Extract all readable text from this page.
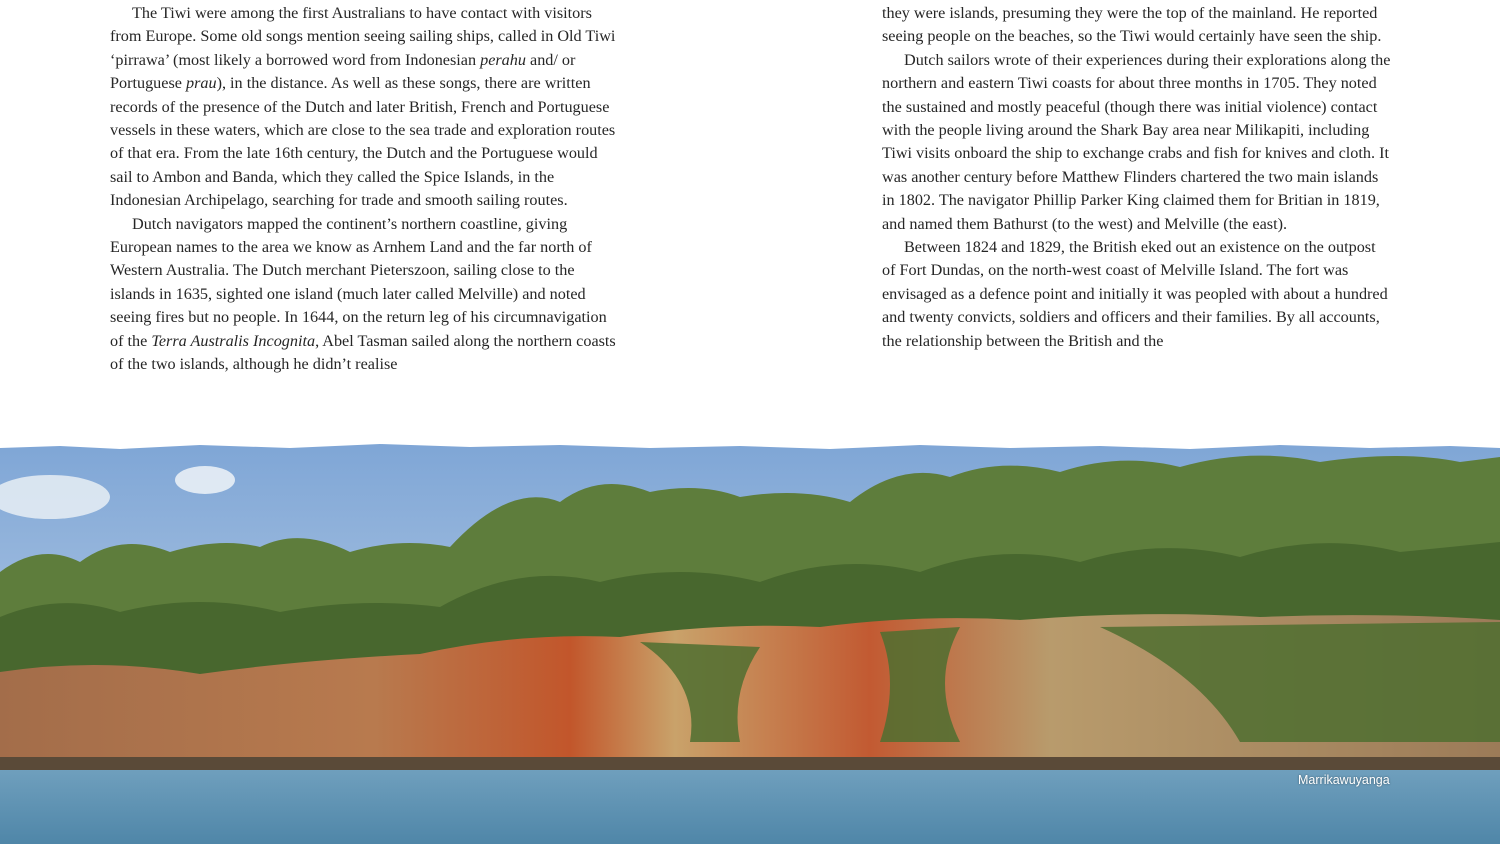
The Tiwi were among the first Australians to have contact with visitors from Europe. Some old songs mention seeing sailing ships, called in Old Tiwi ‘pirrawa’ (most likely a borrowed word from Indonesian perahu and/ or Portuguese prau), in the distance. As well as these songs, there are written records of the presence of the Dutch and later British, French and Portuguese vessels in these waters, which are close to the sea trade and exploration routes of that era. From the late 16th century, the Dutch and the Portuguese would sail to Ambon and Banda, which they called the Spice Islands, in the Indonesian Archipelago, searching for trade and smooth sailing routes.

Dutch navigators mapped the continent’s northern coastline, giving European names to the area we know as Arnhem Land and the far north of Western Australia. The Dutch merchant Pieterszoon, sailing close to the islands in 1635, sighted one island (much later called Melville) and noted seeing fires but no people. In 1644, on the return leg of his circumnavigation of the Terra Australis Incognita, Abel Tasman sailed along the northern coasts of the two islands, although he didn’t realise

they were islands, presuming they were the top of the mainland. He reported seeing people on the beaches, so the Tiwi would certainly have seen the ship.

Dutch sailors wrote of their experiences during their explorations along the northern and eastern Tiwi coasts for about three months in 1705. They noted the sustained and mostly peaceful (though there was initial violence) contact with the people living around the Shark Bay area near Milikapiti, including Tiwi visits onboard the ship to exchange crabs and fish for knives and cloth. It was another century before Matthew Flinders chartered the two main islands in 1802. The navigator Phillip Parker King claimed them for Britian in 1819, and named them Bathurst (to the west) and Melville (the east).

Between 1824 and 1829, the British eked out an existence on the outpost of Fort Dundas, on the north-west coast of Melville Island. The fort was envisaged as a defence point and initially it was peopled with about a hundred and twenty convicts, soldiers and officers and their families. By all accounts, the relationship between the British and the

Marrikawuyanga
